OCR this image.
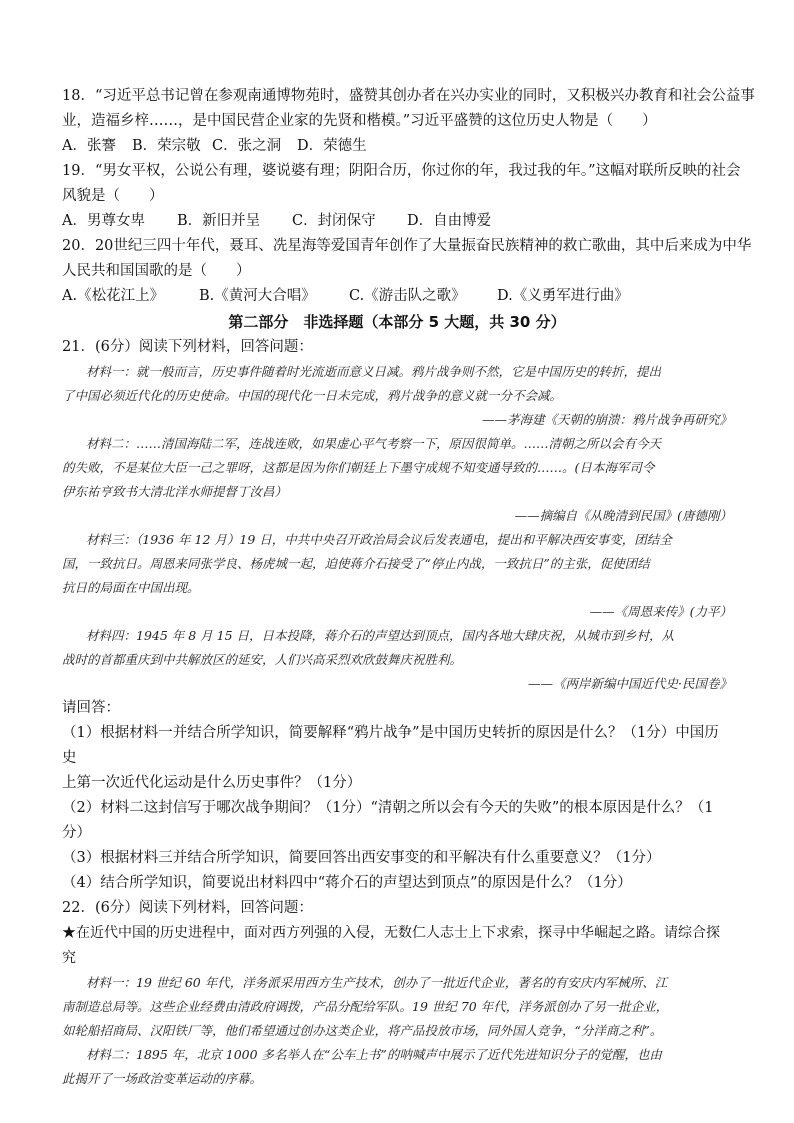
18．“习近平总书记曾在参观南通博物苑时，盛赞其创办者在兴办实业的同时，又积极兴办教育和社会公益事
业，造福乡梓……，是中国民营企业家的先贤和楷模。”习近平盛赞的这位历史人物是（　　）
A．张謇	B．荣宗敬 C．张之洞	D．荣德生
19．“男女平权，公说公有理，婆说婆有理；阴阳合历，你过你的年，我过我的年。”这幅对联所反映的社会
风貌是（　　）
A．男尊女卑	B．新旧并呈	C．封闭保守	D．自由博爱
20．20世纪三四十年代，聂耳、冼星海等爱国青年创作了大量振奋民族精神的救亡歌曲，其中后来成为中华
人民共和国国歌的是（　　）
A.《松花江上》	B.《黄河大合唱》	C.《游击队之歌》	D.《义勇军进行曲》
第二部分　非选择题（本部分 5 大题，共 30 分）
21．(6分）阅读下列材料，回答问题：
材料一：就一般而言，历史事件随着时光流逝而意义日减。鸦片战争则不然，它是中国历史的转折，提出
了中国必须近代化的历史使命。中国的现代化一日未完成，鸦片战争的意义就一分不会减。
——茅海建《天朝的崩溃：鸦片战争再研究》
材料二：……清国海陆二军，连战连败，如果虚心平气考察一下，原因很简单。……清朝之所以会有今天
的失败，不是某位大臣一己之罪呀，这都是因为你们朝廷上下墨守成规不知变通导致的……。(日本海军司令
伊东祐亨致书大清北洋水师提督丁汝昌）
——摘编自《从晚清到民国》(唐德刚）
材料三：（1936 年 12 月）19 日，中共中央召开政治局会议后发表通电，提出和平解决西安事变，团结全
国，一致抗日。周恩来同张学良、杨虎城一起，迫使蒋介石接受了“停止内战，一致抗日”的主张，促使团结
抗日的局面在中国出现。
——《周恩来传》(力平）
材料四：1945 年 8 月 15 日，日本投降，蒋介石的声望达到顶点，国内各地大肆庆祝，从城市到乡村，从
战时的首都重庆到中共解放区的延安，人们兴高采烈欢欣鼓舞庆祝胜利。
——《两岸新编中国近代史·民国卷》
请回答：
（1）根据材料一并结合所学知识，简要解释“鸦片战争”是中国历史转折的原因是什么？（1分）中国历史
上第一次近代化运动是什么历史事件？（1分）
（2）材料二这封信写于哪次战争期间？（1分）“清朝之所以会有今天的失败”的根本原因是什么？（1分）
（3）根据材料三并结合所学知识，简要回答出西安事变的和平解决有什么重要意义？（1分）
（4）结合所学知识，简要说出材料四中“蒋介石的声望达到顶点”的原因是什么？（1分）
22．(6分）阅读下列材料，回答问题：
★在近代中国的历史进程中，面对西方列强的入侵，无数仁人志士上下求索，探寻中华崛起之路。请综合探究
材料一：19 世纪 60 年代，洋务派采用西方生产技术，创办了一批近代企业，著名的有安庆内军械所、江
南制造总局等。这些企业经费由清政府调拨，产品分配给军队。19 世纪 70 年代，洋务派创办了另一批企业，
如轮船招商局、汉阳铁厂等，他们希望通过创办这类企业，将产品投放市场，同外国人竞争，“分洋商之利”。
材料二：1895 年，北京 1000 多名举人在“公车上书”的呐喊声中展示了近代先进知识分子的觉醒，也由
此揭开了一场政治变革运动的序幕。
